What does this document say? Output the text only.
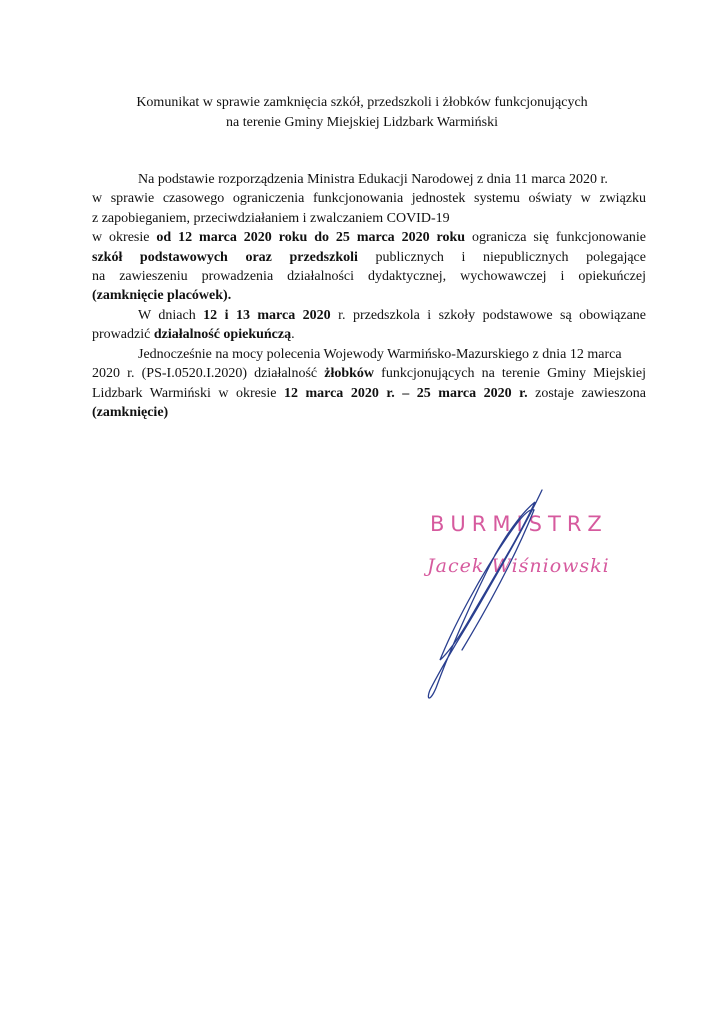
Komunikat w sprawie zamknięcia szkół, przedszkoli i żłobków funkcjonujących
na terenie Gminy Miejskiej Lidzbark Warmiński
Na podstawie rozporządzenia Ministra Edukacji Narodowej z dnia 11 marca 2020 r.
w sprawie czasowego ograniczenia funkcjonowania jednostek systemu oświaty w związku
z zapobieganiem, przeciwdziałaniem i zwalczaniem COVID-19
w okresie od 12 marca 2020 roku do 25 marca 2020 roku ogranicza się funkcjonowanie
szkół podstawowych oraz przedszkoli publicznych i niepublicznych polegające
na zawieszeniu prowadzenia działalności dydaktycznej, wychowawczej i opiekuńczej
(zamknięcie placówek).
W dniach 12 i 13 marca 2020 r. przedszkola i szkoły podstawowe są obowiązane
prowadzić działalność opiekuńczą.
Jednocześnie na mocy polecenia Wojewody Warmińsko-Mazurskiego z dnia 12 marca
2020 r. (PS-I.0520.I.2020) działalność żłobków funkcjonujących na terenie Gminy Miejskiej
Lidzbark Warmiński w okresie 12 marca 2020 r. – 25 marca 2020 r. zostaje zawieszona
(zamknięcie)
BURMISTRZ
Jacek Wiśniowski
